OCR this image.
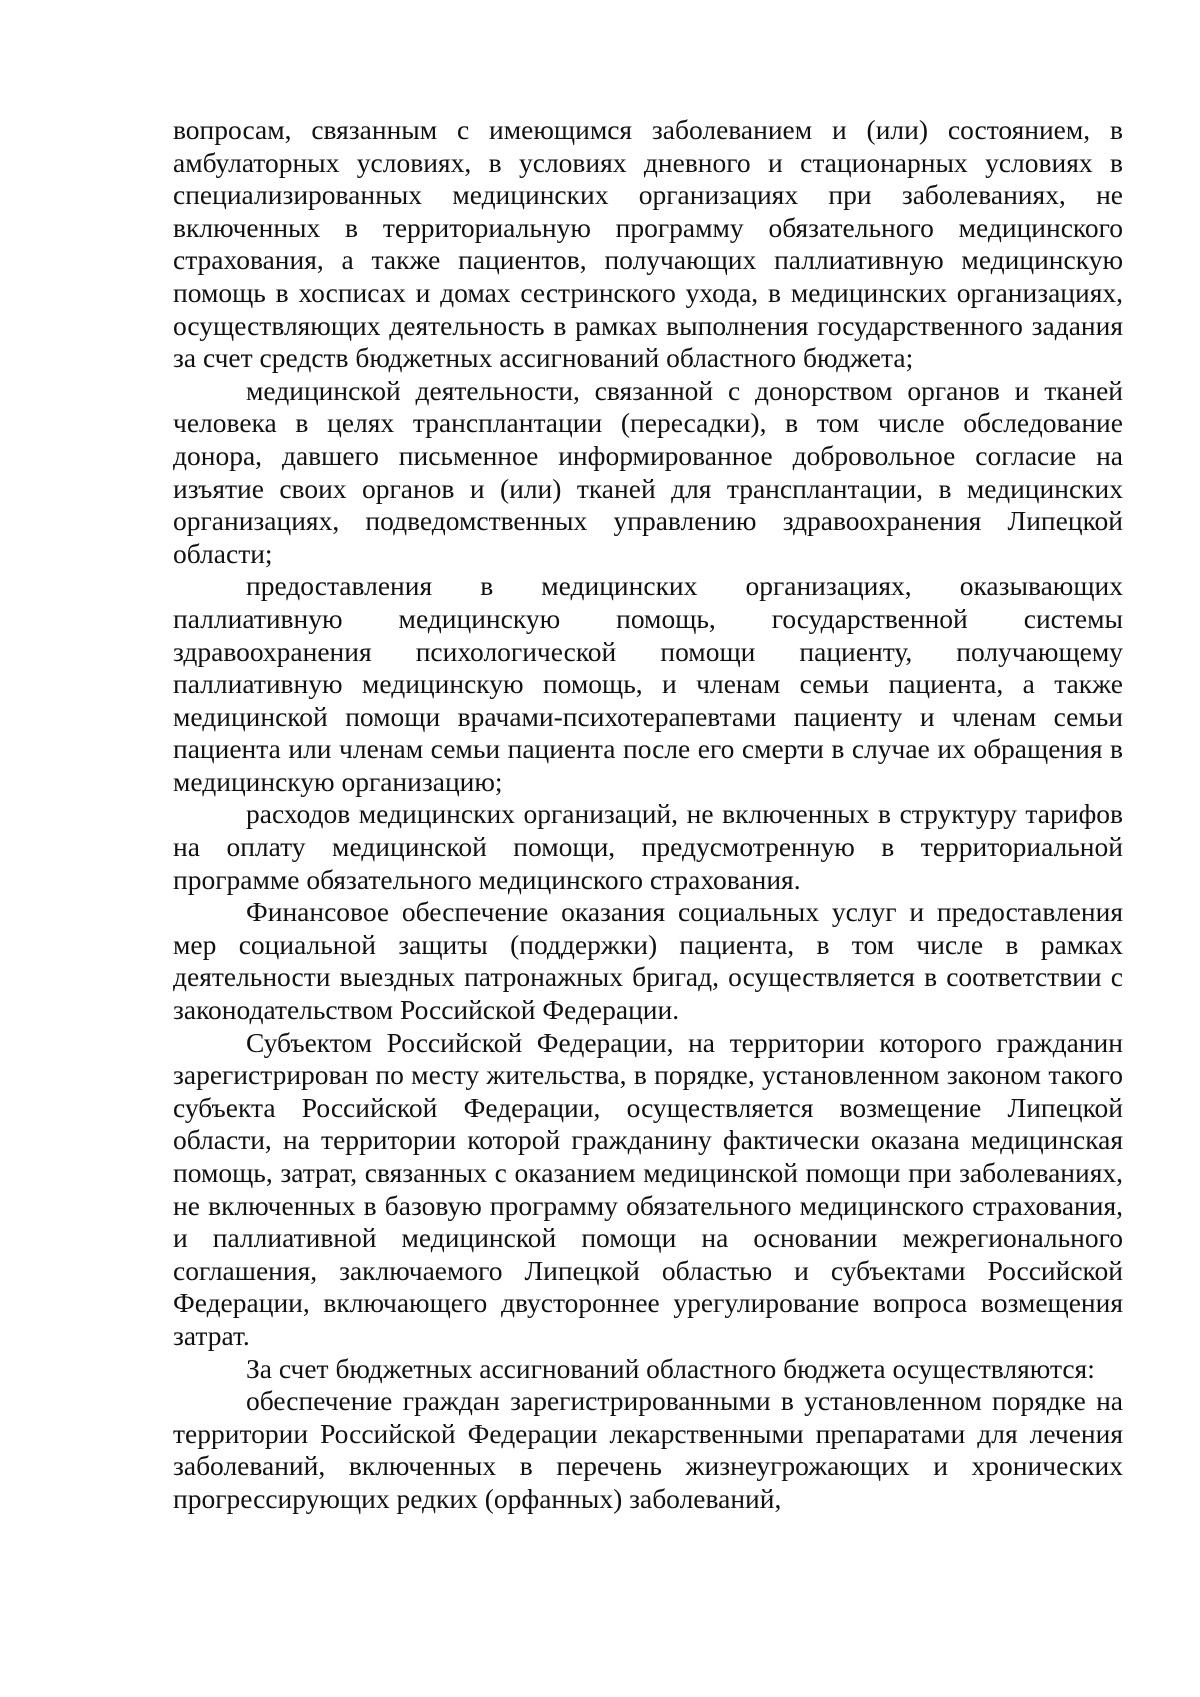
вопросам, связанным с имеющимся заболеванием и (или) состоянием, в амбулаторных условиях, в условиях дневного и стационарных условиях в специализированных медицинских организациях при заболеваниях, не включенных в территориальную программу обязательного медицинского страхования, а также пациентов, получающих паллиативную медицинскую помощь в хосписах и домах сестринского ухода, в медицинских организациях, осуществляющих деятельность в рамках выполнения государственного задания за счет средств бюджетных ассигнований областного бюджета;

медицинской деятельности, связанной с донорством органов и тканей человека в целях трансплантации (пересадки), в том числе обследование донора, давшего письменное информированное добровольное согласие на изъятие своих органов и (или) тканей для трансплантации, в медицинских организациях, подведомственных управлению здравоохранения Липецкой области;

предоставления в медицинских организациях, оказывающих паллиативную медицинскую помощь, государственной системы здравоохранения психологической помощи пациенту, получающему паллиативную медицинскую помощь, и членам семьи пациента, а также медицинской помощи врачами-психотерапевтами пациенту и членам семьи пациента или членам семьи пациента после его смерти в случае их обращения в медицинскую организацию;

расходов медицинских организаций, не включенных в структуру тарифов на оплату медицинской помощи, предусмотренную в территориальной программе обязательного медицинского страхования.

Финансовое обеспечение оказания социальных услуг и предоставления мер социальной защиты (поддержки) пациента, в том числе в рамках деятельности выездных патронажных бригад, осуществляется в соответствии с законодательством Российской Федерации.

Субъектом Российской Федерации, на территории которого гражданин зарегистрирован по месту жительства, в порядке, установленном законом такого субъекта Российской Федерации, осуществляется возмещение Липецкой области, на территории которой гражданину фактически оказана медицинская помощь, затрат, связанных с оказанием медицинской помощи при заболеваниях, не включенных в базовую программу обязательного медицинского страхования, и паллиативной медицинской помощи на основании межрегионального соглашения, заключаемого Липецкой областью и субъектами Российской Федерации, включающего двустороннее урегулирование вопроса возмещения затрат.

За счет бюджетных ассигнований областного бюджета осуществляются:

обеспечение граждан зарегистрированными в установленном порядке на территории Российской Федерации лекарственными препаратами для лечения заболеваний, включенных в перечень жизнеугрожающих и хронических прогрессирующих редких (орфанных) заболеваний,
